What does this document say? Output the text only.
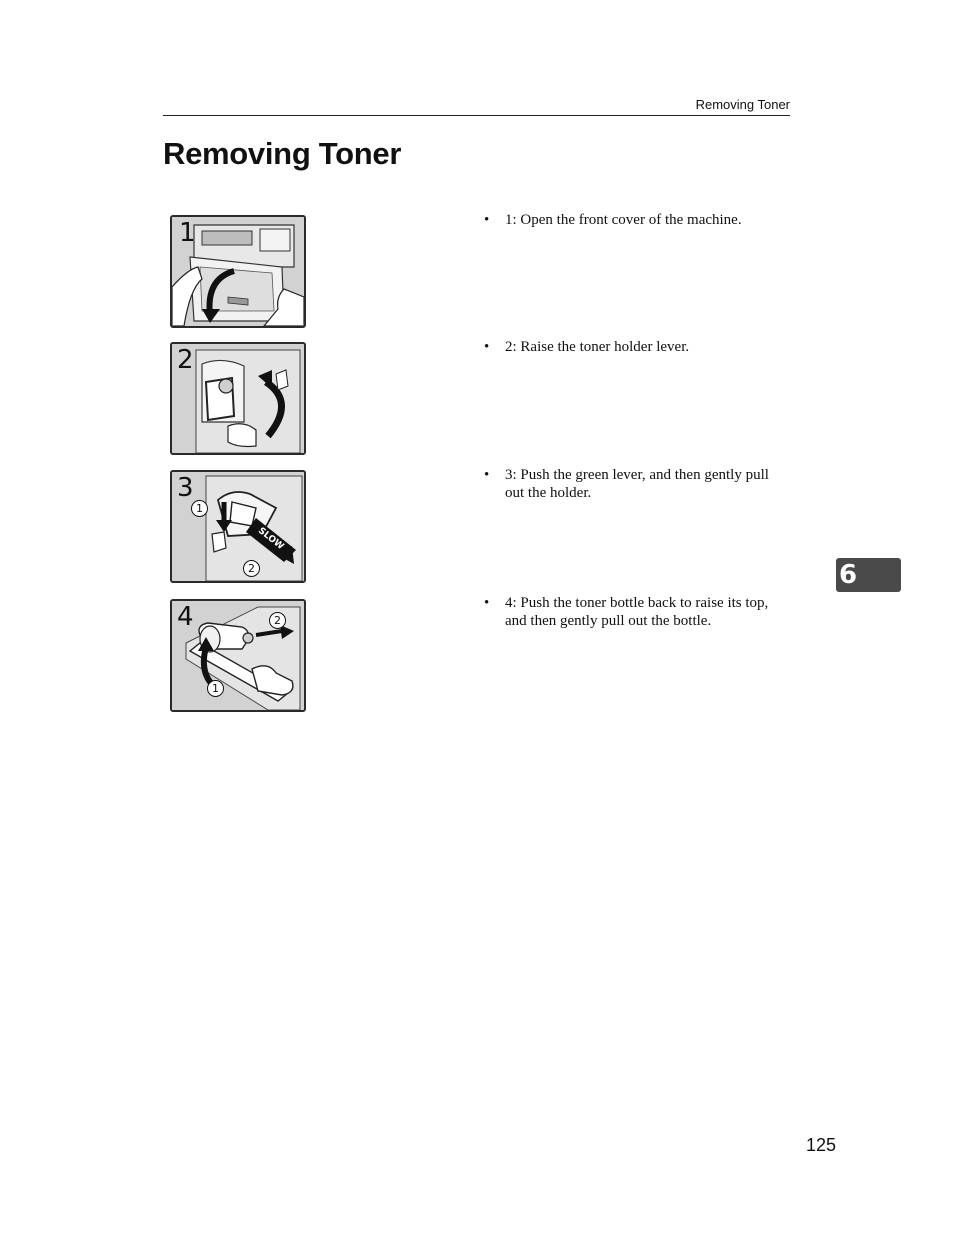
Removing Toner
Removing Toner
1	• 1: Open the front cover of the machine.
2	• 2: Raise the toner holder lever.
3
1
2
SLOW
• 3: Push the green lever, and then gently pull out the holder.
4
1
2
• 4: Push the toner bottle back to raise its top, and then gently pull out the bottle.
6
125
